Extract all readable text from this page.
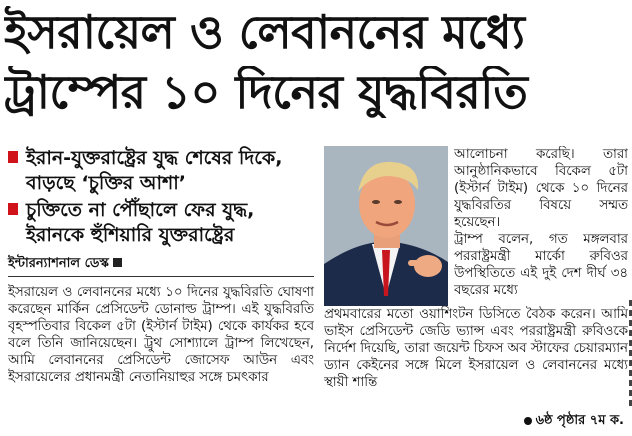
ইসরায়েল ও লেবাননের মধ্যে
ট্রাম্পের ১০ দিনের যুদ্ধবিরতি
ইরান-যুক্তরাষ্ট্রের যুদ্ধ শেষের দিকে, বাড়ছে ‘চুক্তির আশা’
চুক্তিতে না পৌঁছালে ফের যুদ্ধ, ইরানকে হুঁশিয়ারি যুক্তরাষ্ট্রের
ইন্টারন্যাশনাল ডেস্ক

ইসরায়েল ও লেবাননের মধ্যে ১০ দিনের যুদ্ধবিরতি ঘোষণা করেছেন মার্কিন প্রেসিডেন্ট ডোনাল্ড ট্রাম্প। এই যুদ্ধবিরতি বৃহস্পতিবার বিকেল ৫টা (ইস্টার্ন টাইম) থেকে কার্যকর হবে বলে তিনি জানিয়েছেন। ট্রুথ সোশ্যালে ট্রাম্প লিখেছেন, আমি লেবাননের প্রেসিডেন্ট জোসেফ আউন এবং ইসরায়েলের প্রধানমন্ত্রী নেতানিয়াহুর সঙ্গে চমৎকার

আলোচনা করেছি। তারা আনুষ্ঠানিকভাবে বিকেল ৫টা (ইস্টার্ন টাইম) থেকে ১০ দিনের যুদ্ধবিরতির বিষয়ে সম্মত হয়েছেন।

ট্রাম্প বলেন, গত মঙ্গলবার পররাষ্ট্রমন্ত্রী মার্কো রুবিওর উপস্থিতিতে এই দুই দেশ দীর্ঘ ৩৪ বছরের মধ্যে

প্রথমবারের মতো ওয়াশিংটন ডিসিতে বৈঠক করেন। আমি ভাইস প্রেসিডেন্ট জেডি ভ্যান্স এবং পররাষ্ট্রমন্ত্রী রুবিওকে নির্দেশ দিয়েছি, তারা জয়েন্ট চিফস অব স্টাফের চেয়ারম্যান ড্যান কেইনের সঙ্গে মিলে ইসরায়েল ও লেবাননের মধ্যে স্থায়ী শান্তি

৬ষ্ঠ পৃষ্ঠার ৭ম ক.
